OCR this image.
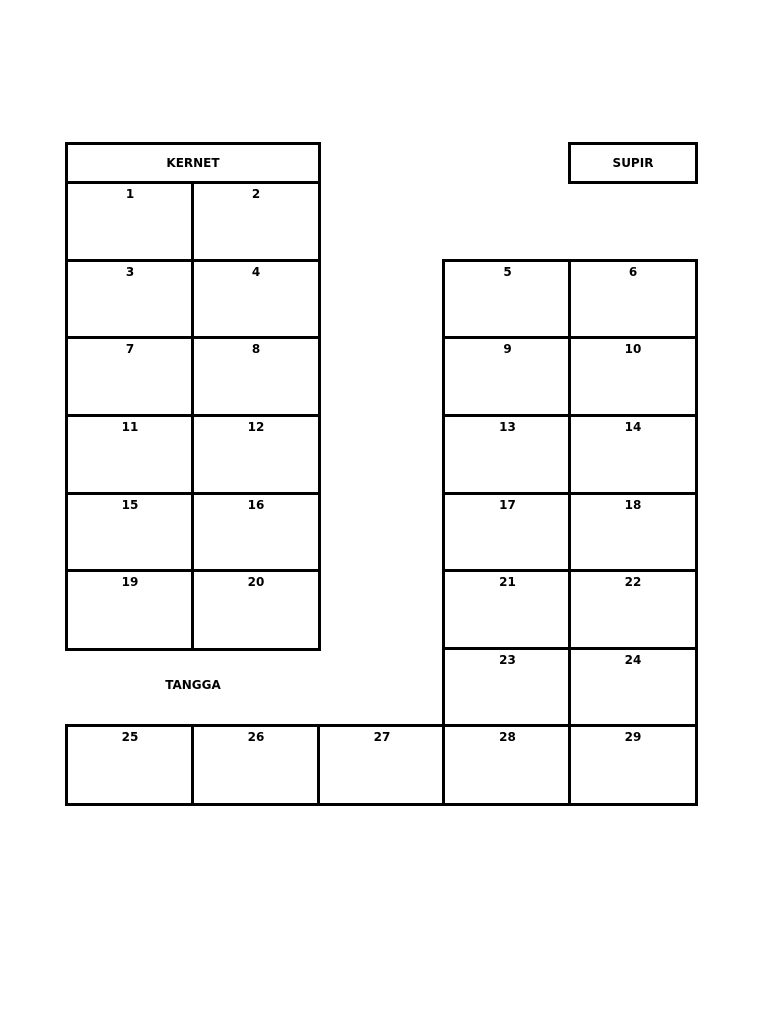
KERNET	SUPIR
1	2
3	4
7	8
11	12
15	16
19	20
5	6
9	10
13	14
17	18
21	22
23	24
TANGGA
25	26	27	28	29
